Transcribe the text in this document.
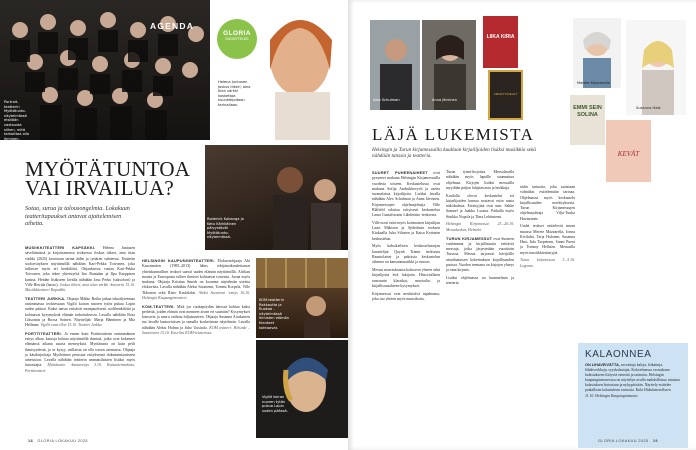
Portraitteatterin Myötätunto-näytelmässä etsitään vastausta siihen, mitä tarkoittaa olla ihminen.
AGENDA
Helena Juntusen Joskus tiikeri, aina tiian värkki koskettaa kuuntelijoitaan tarinallaan.
GLORIA
SUOSITTELEE
MYÖTÄTUNTOA VAI IRVAILUA?
Sotaa, surua ja talousongelmia. Lokakuun teatteritapaukset antavat ajattelemisen aihetta.

MUSIIKKITEATTERI KAPSÄKKI. Helena Juntusen säveltämässä ja kirjoittamassa teoksessa Joskus tiikeri, aina tiian värkki (2025) kerrotaan tarina äidin ja tyttären suhteesta. Teatterin sooloesityksen näyttämöllä nähdään Kari-Pekka Toivonen, joka tulkitsee myös eri henkilöitä. Ohjauksesta vastaa Kari-Pekka Toivonen, joka tekee yhteistyötä Iiro Rantalan ja Ilpo Karppisen kanssa. Heidän lisäkseen lavalla nähdään Jasu Perko (saksofoni) ja Ville Herrala (basso). Joskus tiikeri, aina tiian värkki -konsertit 15.10. Musiikkiteatteri Kapsäkki.

TEATTERI JURKKA. Ohjaaja Mikko Roiha jatkaa tekoälyteemaa uusimmassa teoksessaan Vigilit koiran nuoren tytön pukua Lapin suden päässä. Kaksi naista esittävät monipuolisesti roolihenkilöitä ja kohtaavat kysymyksiä elämän tarkoituksesta. Lavalla nähdään Rosa Liksomin ja Roosa Soinen. Näyttelijät: Marja Hänninen ja Mia Hellman. Vigilit ovan illoa 15.10. Teatteri Jurkka.

PORTTITEATTERI. Jo ennen kuin Porttiteatterin ensimmäinen esitys alkaa, katsoja kohtaa näyttämöllä ihmisiä, jotka ovat kokeneet elämänsä aikana suuria menetyksiä. Myötätunto on kuin peili ihmisyydestä, ja se kysyy, millaista on olla toisen asemassa. Ohjaaja ja käsikirjoittaja Myöhäinen perustaa esityksensä dokumentaariseen aineistoon. Lavalla nähdään teatterin ammattilaisten lisäksi myös harrastajia. Myötätunto -kantaesitys 3.10. Kaisaniemenkatu, Porttiteatteri.

Roderick Kabanga ja Ketu Kärkkäinen päivystävät Myötätunto-näytelmässä.

HELSINGIN KAUPUNGINTEATTERI. Elokuvaohjaaja Aki Kaurismäen (1985–2013) lähes tekijänoikeudettomat yhteiskunnalliset teokset saavat uuden elämän näyttämöllä. Afrikan maista ja Euroopasta tulleet ihmiset kohtaavat toisensa. Joona myös mukana. Ohjaaja Kristian Smeds on koonnut näytelmän useista elokuvista. Lavalla nähdään Aleksi Suoniemi, Tommi Korpela, Ville Tiihonen sekä Risto Kaskilahti. Aleksi Suoniemi -esitys 16.10. Helsingin Kaupunginteatteri.

KOM-TEATTERI. Mitä jos ruokapöydän ääressä kohtaa kaksi perhettä, joiden elämät ovat menneet aivan eri suuntiin? Kysymykset kasvavat ja nauru vaihtuu hiljaisuuteen. Ohjaaja Susanna Airaksinen tuo lavalle humoristisen ja samalla koskettavan näytelmän. Lavalla nähdään Aleksi Holma ja Juho Uusitalo. KOM teatteri: Helsinki – Saarioinen 15.10. Ensi-ilta KOM-teatterissa.

KOM-teatterin Rakkautta ja Ruokaa -näytelmässä ihmisten elämän tilanteet kohtaavat.
Vigilit koiran nuoren tytön pukua Lapin suden päässä.
18 GLORIA LOKAKUU 2025
Alex Schulman	Anna Järvinen
LIIKA KIRIA
AMMATTIKIELET
Merete Mazzarella
Susanna Hast
EMMI SEIN SOLINA
KEVÄT
LÄJÄ LUKEMISTA
Helsingin ja Turun kirjamessuilla kuullaan kirjailijoiden lisäksi musiikkia sekä nähdään tanssia ja teatteria.

SUURET PUHEENAIHEET ovat pysyneet mukana Helsingin Kirjamessuilla vuodesta toiseen. Keskustelussa ovat mukana Sofija Andrukhovych ja useita suomalaisia kirjailijoita. Lisäksi lavalla nähdään Alex Schulman ja Anna Järvinen. Kirjamessujen ohjelmajohtaja Ville Blåfield odottaa erityisesti keskustelua Laura Gustafssonin Lähdetään -teoksesta.

Ville nosti esiin myös kotimaisen kirjailijan Lauri Mäkisen ja Sjöholmin teoksen Kiukaalla Juha Siltasen ja Kaisa Kettusen keskustelun.

Myös kaksikielisen keskustelusarjan kuuntelijat Quynh Tranin teoksesta Rauniolaiset ja pakoisia keskustelun aiheena on kansanmusiikki ja runous.

Messut marraskuussa kokoavat yhteen sekä kirjailijoita että lukijoita. Historiallisen romaanin klassikot, muotoiltu ja kirjallisuusalueen kysymykset.

Kirjamessut ovat merkittävä tapahtuma, joka tuo yhteen myös muusikoita.

Turun rytmi-kirjoista. Messulavalla nähdään myös lapsille suunnattua ohjelmaa. Kirjojen lisäksi messuilla myydään paljon lahjatavaraa ja herkkuja.

Kuulolla olevat keskustelut eri kirjailijoiden kanssa nostavat esiin uusia näkökulmia. Esiintyjinä ovat mm. Sakke Samuel ja Jaakko Luoma. Paikalla myös Sinikka Nopola ja Tiina Lehtiniemi.

Helsingin Kirjamessut 23.–26.10. Messukeskus, Helsinki.

TURUN KIRJAMESSUT ovat Suomen vanhimmat ja kirjallisuutta esittäviä messuja, jotka järjestetään vuosittain Turussa. Messut tarjoavat kävijöille ainutlaatuisen kokemuksen kirjallisuuden parissa. Vuoden teemana on kirjojen yhteys ja oma kirjasto.

Lisäksi ohjelmassa on kuunnelmia ja teatteria.

äidin tarinoita, joka saatetaan valmiiksi esittelemään tarinaa. Ohjelmassa myös keskustelu kirjallisuuden merkityksestä. Turun Kirjamessujen ohjelmajohtaja Vilja-Tuulia Huotarinen.

Uudet teokset esittelevät muun muassa Merete Mazzarella, Jonna Kivilahti, Tarja Halonen, Susanna Hast, Iida Turpeinen, Sanni Puera ja Tommy Hellsten. Messuilla myös musiikkiesiintyjiä.

Turun kirjamessut 3.–5.10. Logomo.

KALAONNEA
ON LIHAVEIVÄTTA, sorvattuja kaloja, leikattuja, lähdeverkkoja, syyskalastajia. Kokoelmassa on mukana kalastukseen liittyviä esineitä ja tarinoita. Helsingin kaupunginmuseossa on näyttelyn avulla mahdollisuus tutustua kalastuksen historiaan ja nykypäivään. Näyttely esittelee paikallisen kalastuksen tarinoita. Kala Hidalamestikseen 11.10. Helsingin Kaupunginmuseo.
GLORIA LOKAKUU 2025 19
